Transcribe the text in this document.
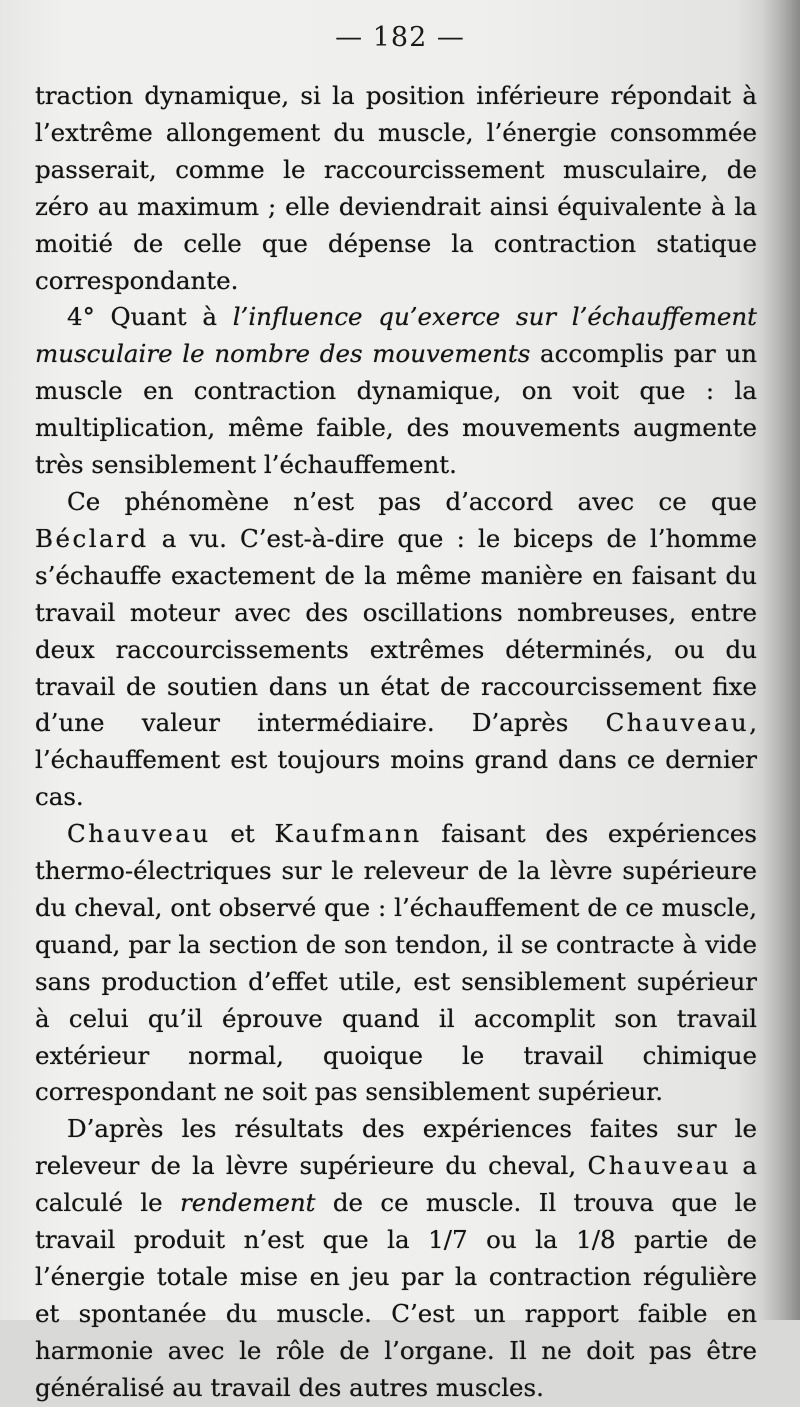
— 182 —

traction dynamique, si la position inférieure répondait à l’extrême allongement du muscle, l’énergie consommée passerait, comme le raccourcissement musculaire, de zéro au maximum ; elle deviendrait ainsi équivalente à la moitié de celle que dépense la contraction statique correspondante.

4° Quant à l’influence qu’exerce sur l’échauffement musculaire le nombre des mouvements accomplis par un muscle en contraction dynamique, on voit que : la multiplication, même faible, des mouvements augmente très sensiblement l’échauffement.

Ce phénomène n’est pas d’accord avec ce que Béclard a vu. C’est-à-dire que : le biceps de l’homme s’échauffe exactement de la même manière en faisant du travail moteur avec des oscillations nombreuses, entre deux raccourcissements extrêmes déterminés, ou du travail de soutien dans un état de raccourcissement fixe d’une valeur intermédiaire. D’après Chauveau, l’échauffement est toujours moins grand dans ce dernier cas.

Chauveau et Kaufmann faisant des expériences thermo-électriques sur le releveur de la lèvre supérieure du cheval, ont observé que : l’échauffement de ce muscle, quand, par la section de son tendon, il se contracte à vide sans production d’effet utile, est sensiblement supérieur à celui qu’il éprouve quand il accomplit son travail extérieur normal, quoique le travail chimique correspondant ne soit pas sensiblement supérieur.

D’après les résultats des expériences faites sur le releveur de la lèvre supérieure du cheval, Chauveau a calculé le rendement de ce muscle. Il trouva que le travail produit n’est que la 1/7 ou la 1/8 partie de l’énergie totale mise en jeu par la contraction régulière et spontanée du muscle. C’est un rapport faible en harmonie avec le rôle de l’organe. Il ne doit pas être généralisé au travail des autres muscles.
